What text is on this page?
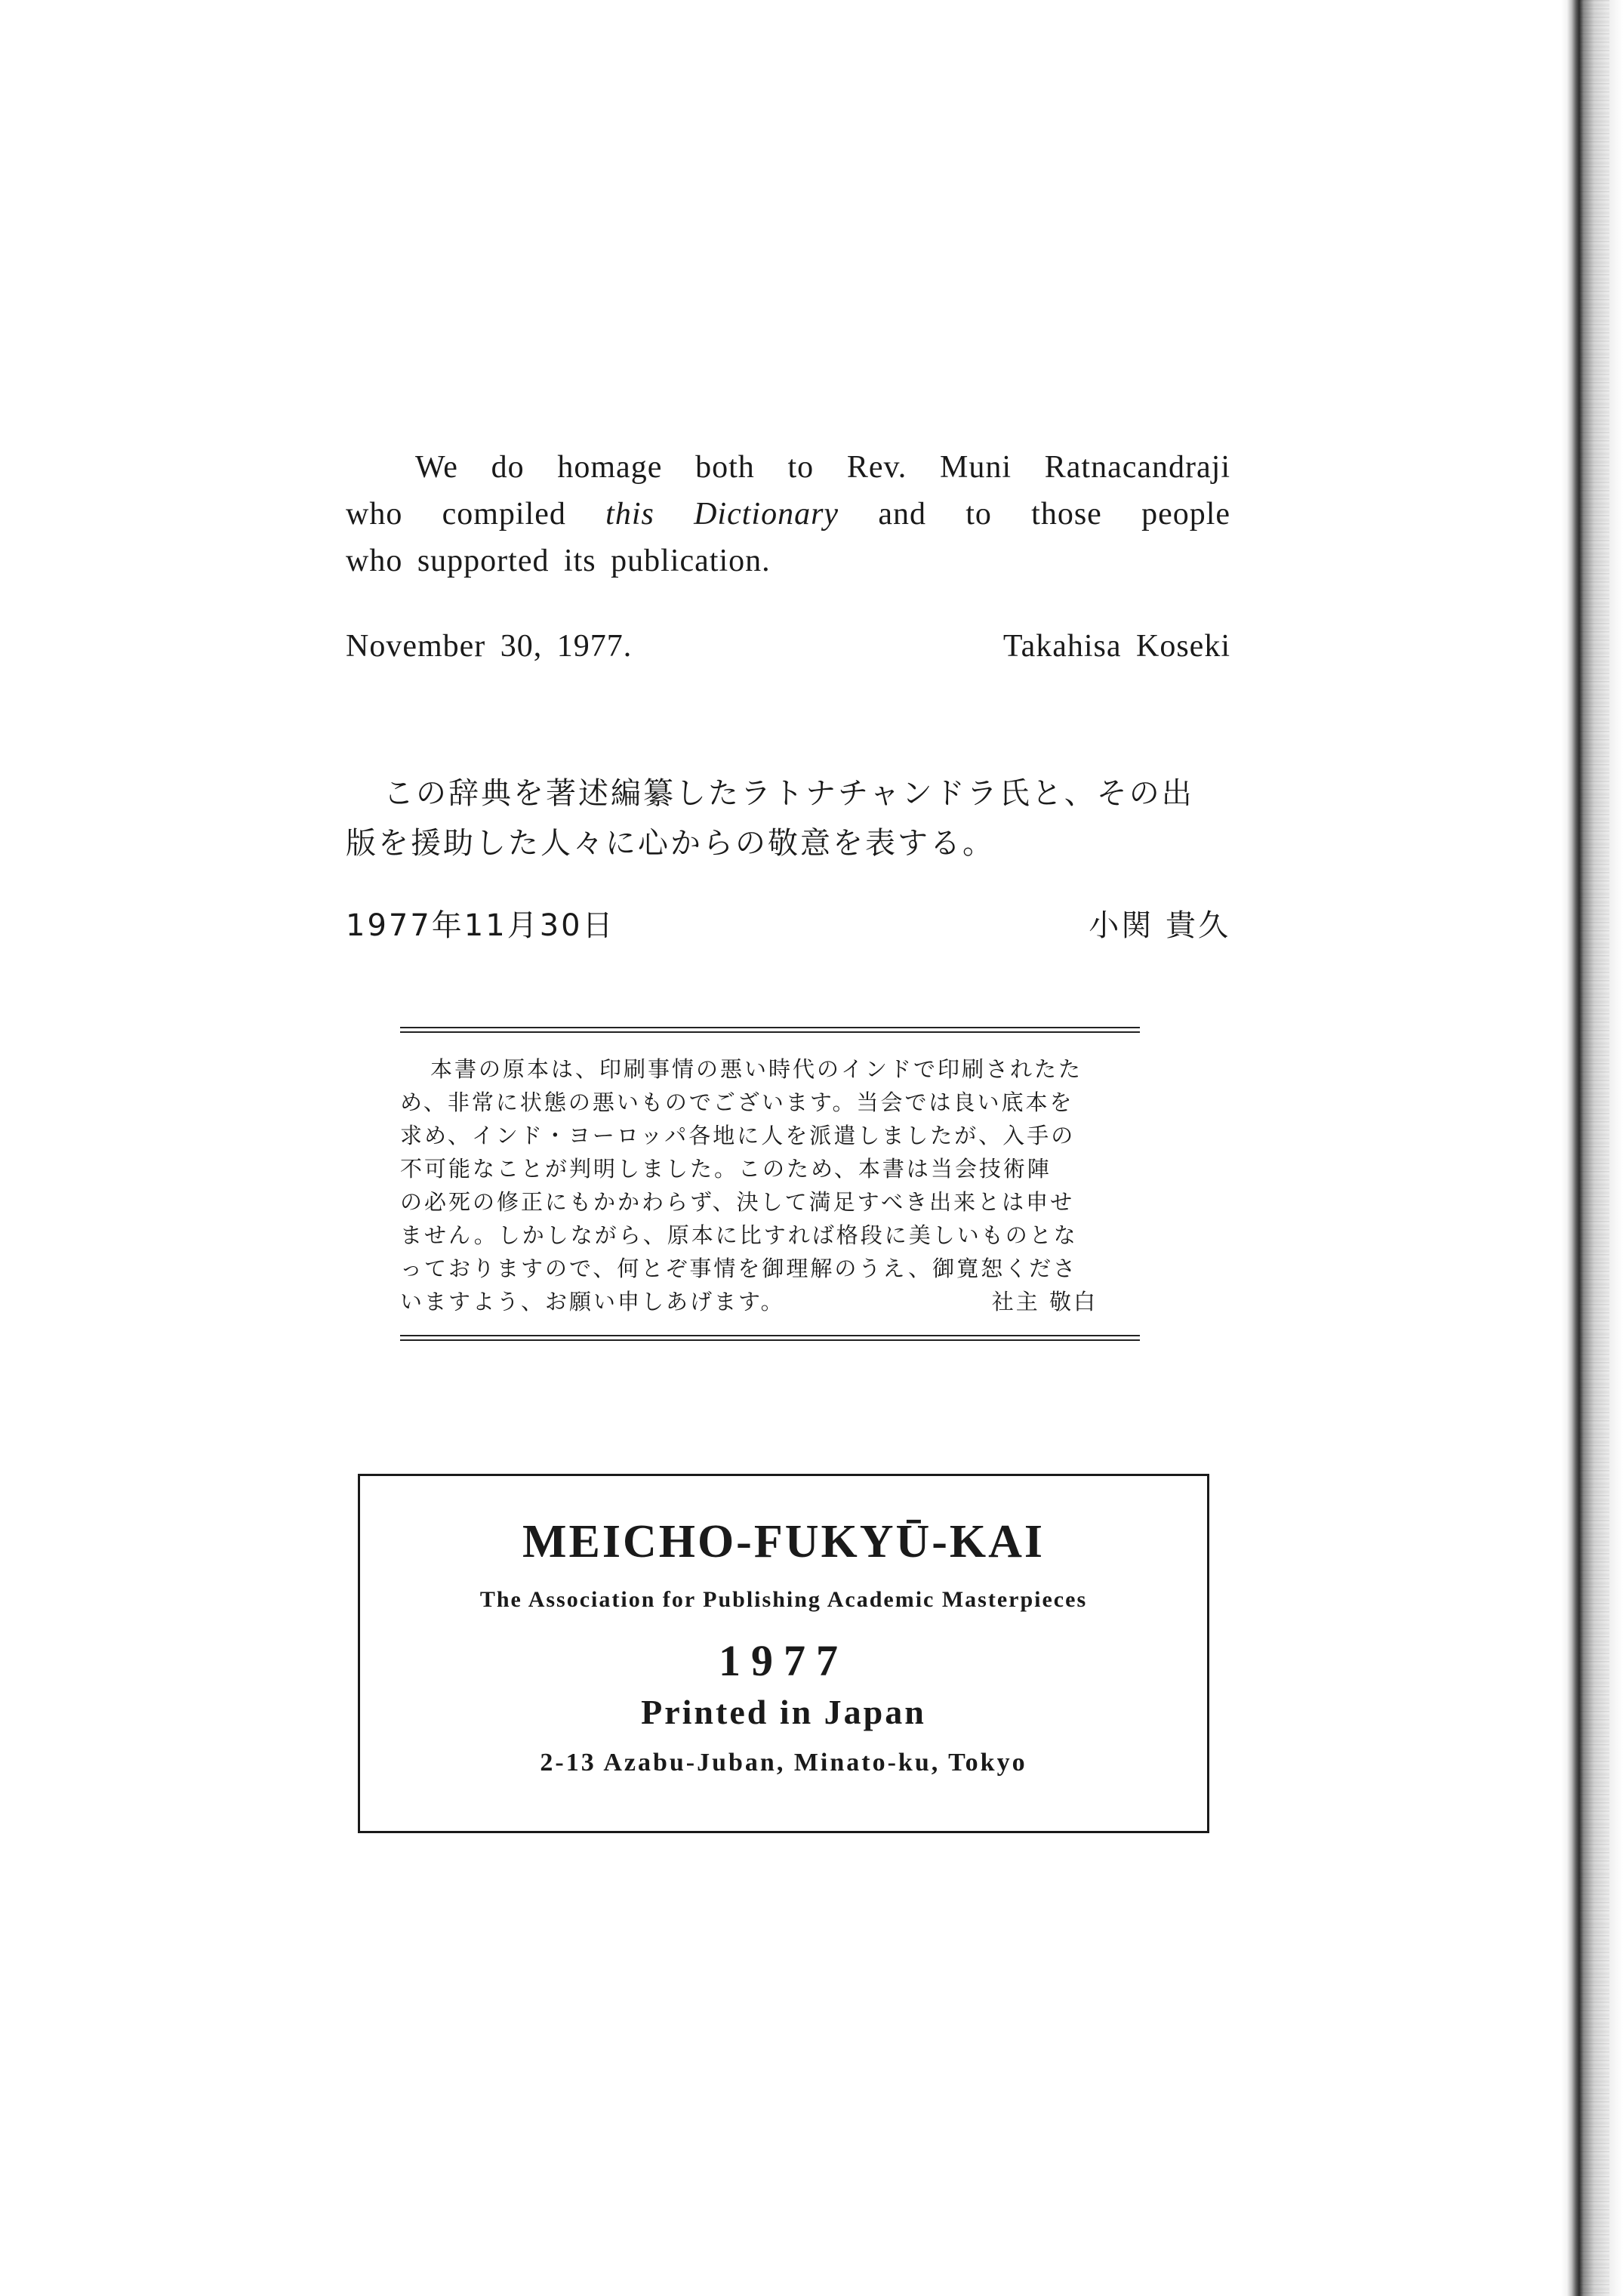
We do homage both to Rev. Muni Ratnacandraji
who compiled this Dictionary and to those people
who supported its publication.
November 30, 1977.	Takahisa Koseki
この辞典を著述編纂したラトナチャンドラ氏と、その出
版を援助した人々に心からの敬意を表する。
1977年11月30日	小関 貴久
本書の原本は、印刷事情の悪い時代のインドで印刷されたた
め、非常に状態の悪いものでございます。当会では良い底本を
求め、インド・ヨーロッパ各地に人を派遣しましたが、入手の
不可能なことが判明しました。このため、本書は当会技術陣
の必死の修正にもかかわらず、決して満足すべき出来とは申せ
ません。しかしながら、原本に比すれば格段に美しいものとな
っておりますので、何とぞ事情を御理解のうえ、御寛恕くださ
いますよう、お願い申しあげます。	社主 敬白
MEICHO-FUKYŪ-KAI
The Association for Publishing Academic Masterpieces
1977
Printed in Japan
2-13 Azabu-Juban, Minato-ku, Tokyo
